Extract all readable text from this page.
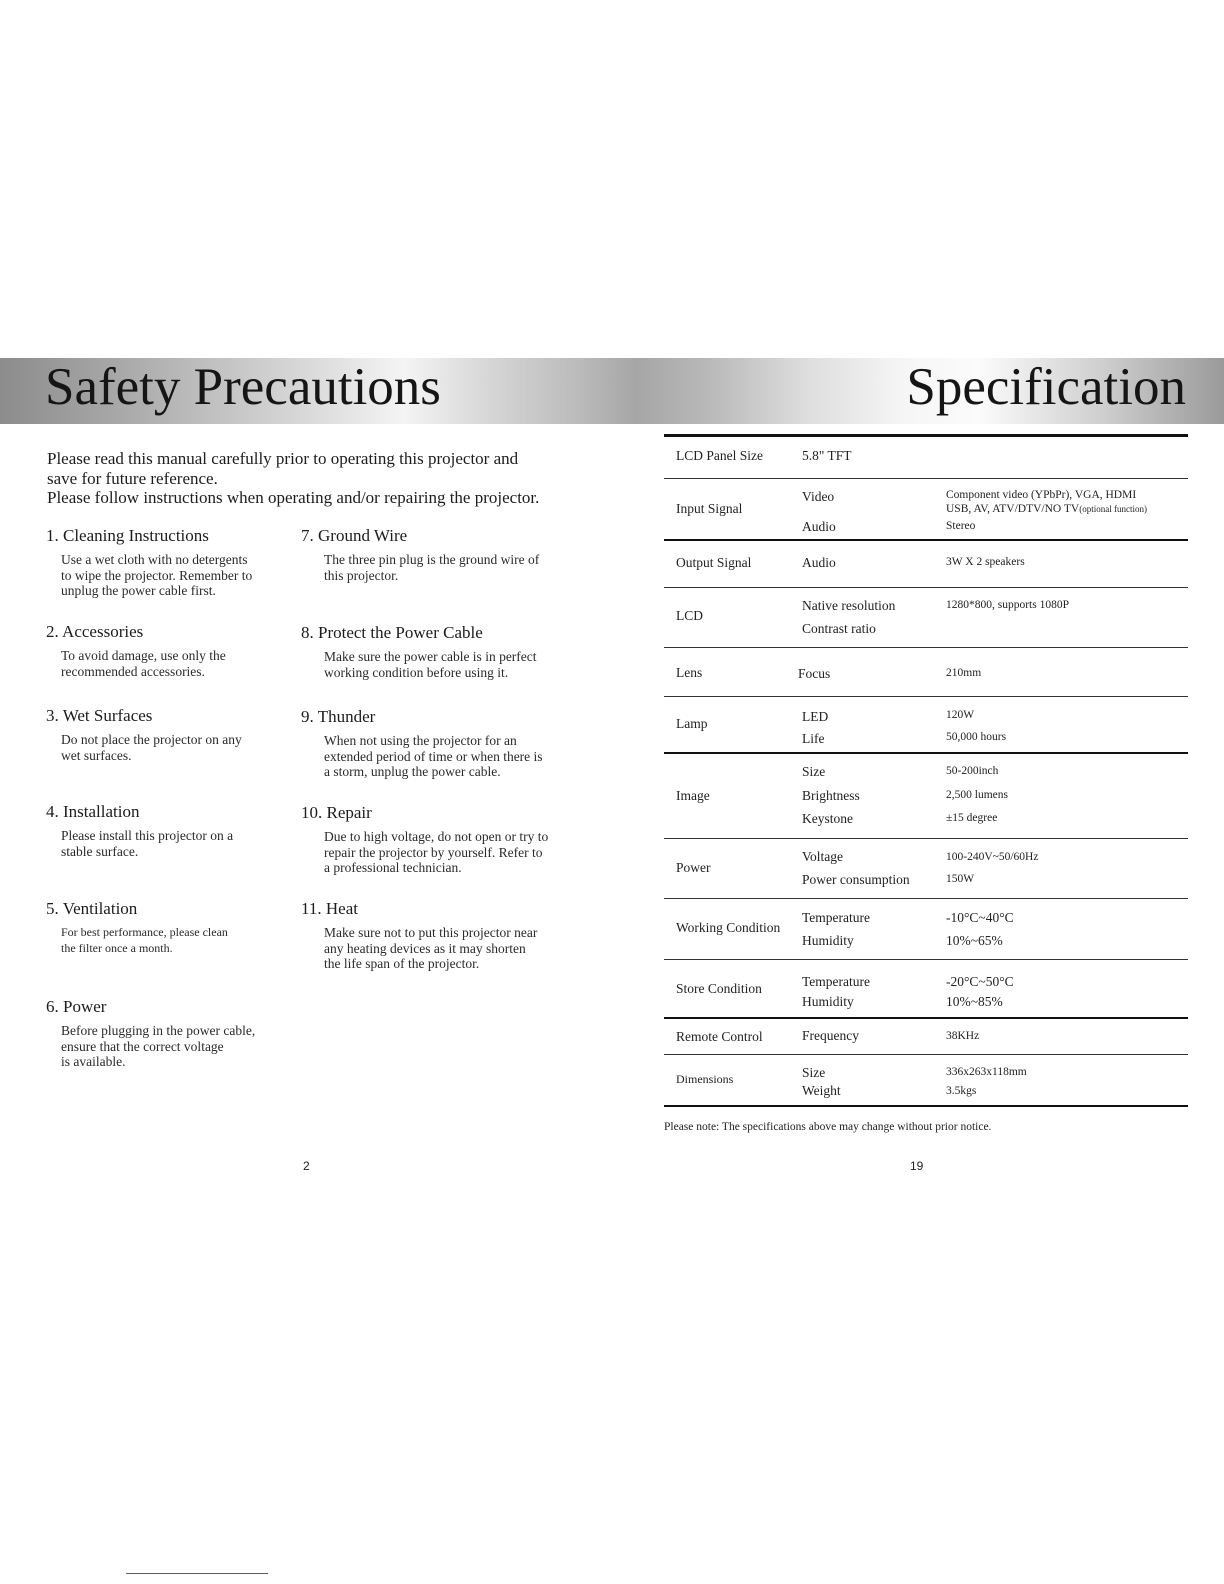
Safety Precautions	Specification

Please read this manual carefully prior to operating this projector and

save for future reference.

Please follow instructions when operating and/or repairing the projector.

1. Cleaning Instructions
Use a wet cloth with no detergents
to wipe the projector. Remember to
unplug the power cable first.
2. Accessories
To avoid damage, use only the
recommended accessories.
3. Wet Surfaces
Do not place the projector on any
wet surfaces.
4. Installation
Please install this projector on a
stable surface.
5. Ventilation
For best performance, please clean
the filter once a month.
6. Power
Before plugging in the power cable,
ensure that the correct voltage
is available.
7. Ground Wire
The three pin plug is the ground wire of
this projector.
8. Protect the Power Cable
Make sure the power cable is in perfect
working condition before using it.
9. Thunder
When not using the projector for an
extended period of time or when there is
a storm, unplug the power cable.
10. Repair
Due to high voltage, do not open or try to
repair the projector by yourself. Refer to
a professional technician.
11. Heat
Make sure not to put this projector near
any heating devices as it may shorten
the life span of the projector.
2
LCD Panel Size	5.8" TFT
Input Signal
Video	Component video (YPbPr), VGA, HDMI
USB, AV, ATV/DTV/NO TV(optional function)
Audio	Stereo
Output Signal	Audio	3W X 2 speakers
LCD
Native resolution	1280*800, supports 1080P
Contrast ratio
Lens	Focus	210mm
Lamp	LED	120W
Life	50,000 hours
Image
Size	50-200inch
Brightness	2,500 lumens
Keystone	±15 degree
Power
Voltage	100-240V~50/60Hz
Power consumption	150W
Working Condition
Temperature	-10°C~40°C
Humidity	10%~65%
Store Condition	Temperature	-20°C~50°C
Humidity	10%~85%
Remote Control	Frequency	38KHz
Dimensions	Size	336x263x118mm
Weight	3.5kgs
Please note: The specifications above may change without prior notice.
19
